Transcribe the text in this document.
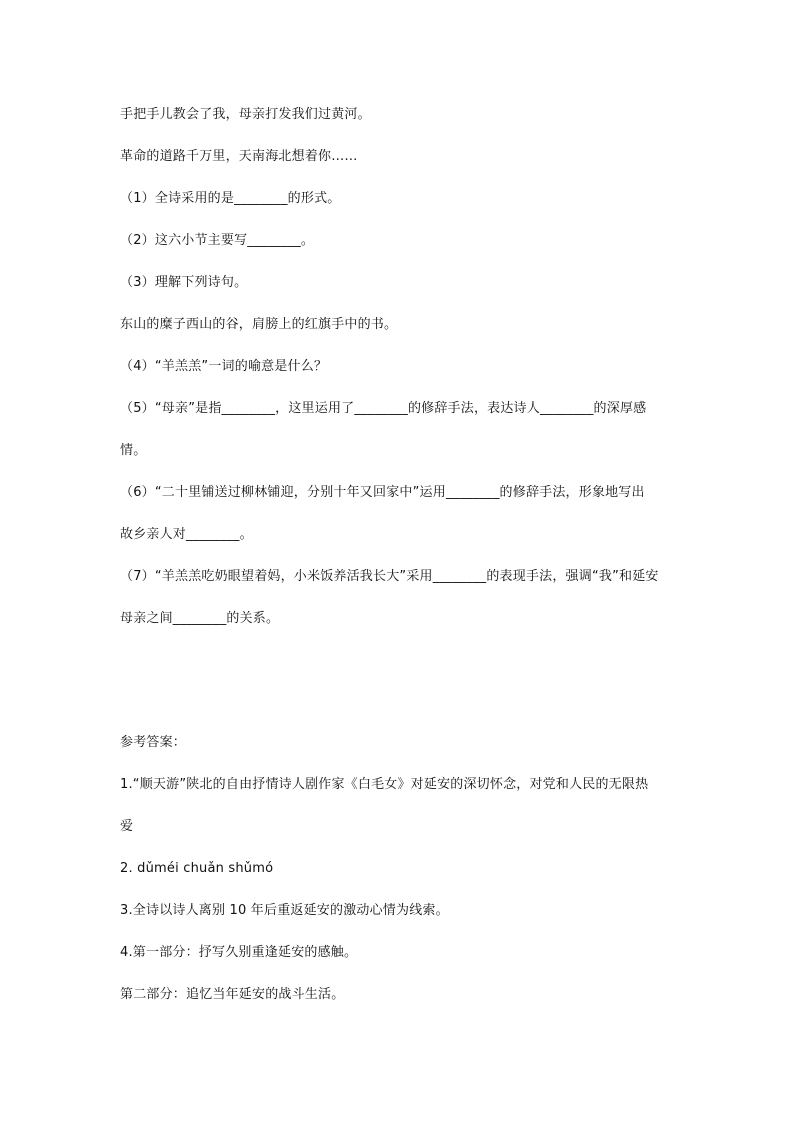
手把手儿教会了我，母亲打发我们过黄河。
革命的道路千万里，天南海北想着你……
（1）全诗采用的是________的形式。
（2）这六小节主要写________。
（3）理解下列诗句。
东山的糜子西山的谷，肩膀上的红旗手中的书。
（4）“羊羔羔”一词的喻意是什么？
（5）“母亲”是指________，这里运用了________的修辞手法，表达诗人________的深厚感
情。
（6）“二十里铺送过柳林铺迎，分别十年又回家中”运用________的修辞手法，形象地写出
故乡亲人对________。
（7）“羊羔羔吃奶眼望着妈，小米饭养活我长大”采用________的表现手法，强调“我”和延安
母亲之间________的关系。
参考答案：
1.“顺天游”陕北的自由抒情诗人剧作家《白毛女》对延安的深切怀念，对党和人民的无限热
爱
2. dǔméi chuǎn shǔmó
3.全诗以诗人离别 10 年后重返延安的激动心情为线索。
4.第一部分：抒写久别重逢延安的感触。
第二部分：追忆当年延安的战斗生活。
